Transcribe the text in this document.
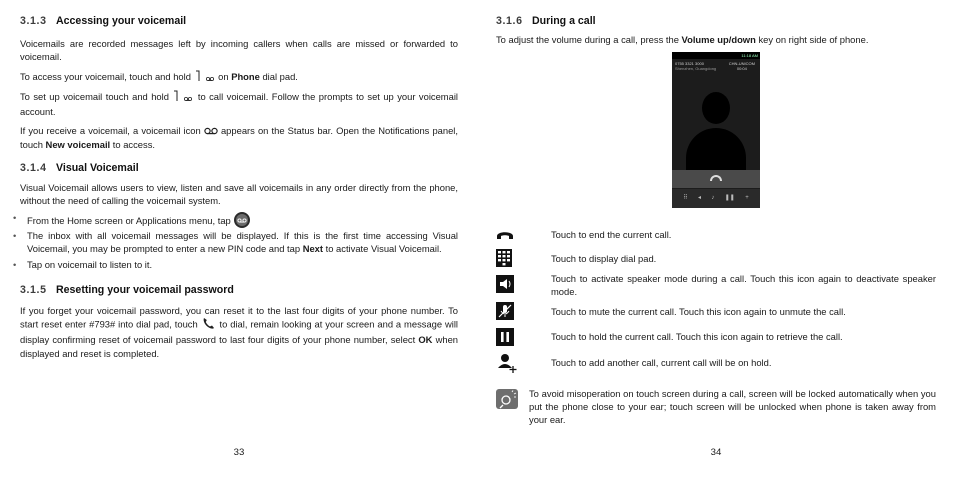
3.1.3 Accessing your voicemail

Voicemails are recorded messages left by incoming callers when calls are missed or forwarded to voicemail.

To access your voicemail, touch and hold	on Phone dial pad.

To set up voicemail touch and hold	to call voicemail. Follow the prompts to set up your voicemail account.

If you receive a voicemail, a voicemail icon appears on the Status bar. Open the Notifications panel, touch New voicemail to access.

3.1.4 Visual Voicemail

Visual Voicemail allows users to view, listen and save all voicemails in any order directly from the phone, without the need of calling the voicemail system.

• From the Home screen or Applications menu, tap

• The inbox with all voicemail messages will be displayed. If this is the first time accessing Visual Voicemail, you may be prompted to enter a new PIN code and tap Next to activate Visual Voicemail.

• Tap on voicemail to listen to it.

3.1.5 Resetting your voicemail password

If you forget your voicemail password, you can reset it to the last four digits of your phone number. To start reset enter #793# into dial pad, touch to dial, remain looking at your screen and a message will display confirming reset of voicemail password to last four digits of your phone number, select OK when displayed and reset is completed.

33
3.1.6 During a call

To adjust the volume during a call, press the Volume up/down key on right side of phone.

11:18 AM
0755 3321 3000
Shenzhen, Guangdong
CHN-UNICOM
00:04
⠿ ◂ ♪ ❚❚ +

Touch to end the current call.

Touch to display dial pad.

Touch to activate speaker mode during a call. Touch this icon again to deactivate speaker mode.

Touch to mute the current call. Touch this icon again to unmute the call.

Touch to hold the current call. Touch this icon again to retrieve the call.

Touch to add another call, current call will be on hold.

To avoid misoperation on touch screen during a call, screen will be locked automatically when you put the phone close to your ear; touch screen will be unlocked when phone is taken away from your ear.

34
